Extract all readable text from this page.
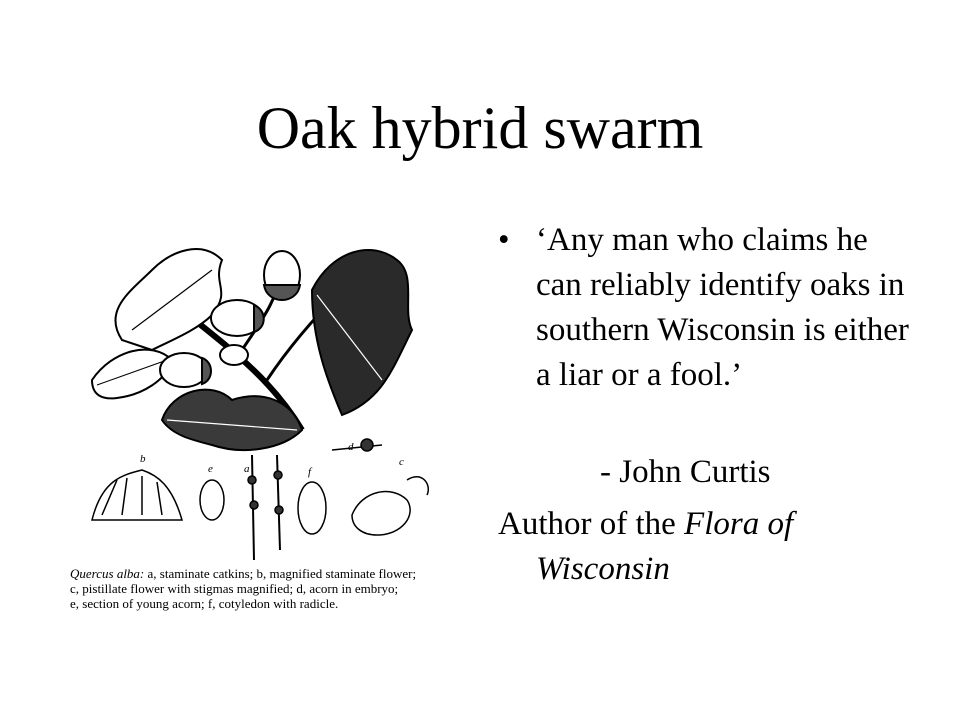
Oak hybrid swarm
b
e	a	f
d
c
Quercus alba: a, staminate catkins; b, magnified staminate flower;
c, pistillate flower with stigmas magnified; d, acorn in embryo;
e, section of young acorn; f, cotyledon with radicle.
• ‘Any man who claims he can reliably identify oaks in southern Wisconsin is either a liar or a fool.’
- John Curtis
Author of the Flora of
Wisconsin
